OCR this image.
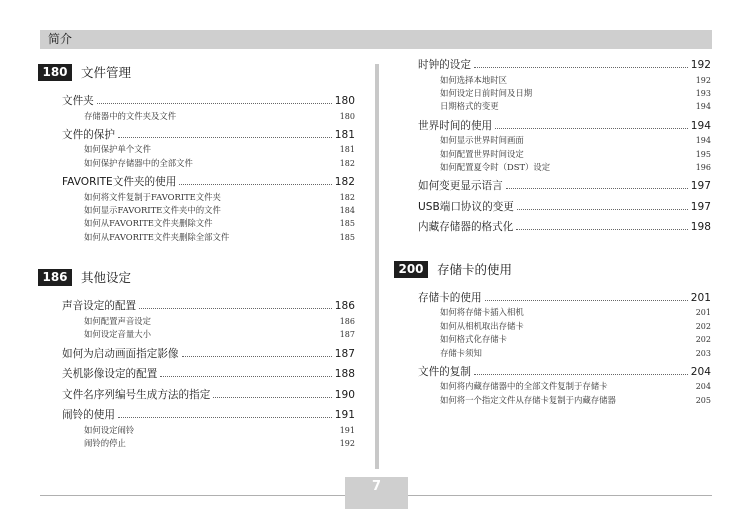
简介
180	文件管理
文件夹	180
存储器中的文件夹及文件	180
文件的保护	181
如何保护单个文件	181
如何保护存储器中的全部文件	182
FAVORITE文件夹的使用	182
如何将文件复制于FAVORITE文件夹	182
如何显示FAVORITE文件夹中的文件	184
如何从FAVORITE文件夹删除文件	185
如何从FAVORITE文件夹删除全部文件	185
186	其他设定
声音设定的配置	186
如何配置声音设定	186
如何设定音量大小	187
如何为启动画面指定影像	187
关机影像设定的配置	188
文件名序列编号生成方法的指定	190
闹铃的使用	191
如何设定闹铃	191
闹铃的停止	192
时钟的设定	192
如何选择本地时区	192
如何设定日前时间及日期	193
日期格式的变更	194
世界时间的使用	194
如何显示世界时间画面	194
如何配置世界时间设定	195
如何配置夏令时（DST）设定	196
如何变更显示语言	197
USB端口协议的变更	197
内藏存储器的格式化	198
200	存储卡的使用
存储卡的使用	201
如何将存储卡插入相机	201
如何从相机取出存储卡	202
如何格式化存储卡	202
存储卡须知	203
文件的复制	204
如何将内藏存储器中的全部文件复制于存储卡	204
如何将一个指定文件从存储卡复制于内藏存储器	205
7
